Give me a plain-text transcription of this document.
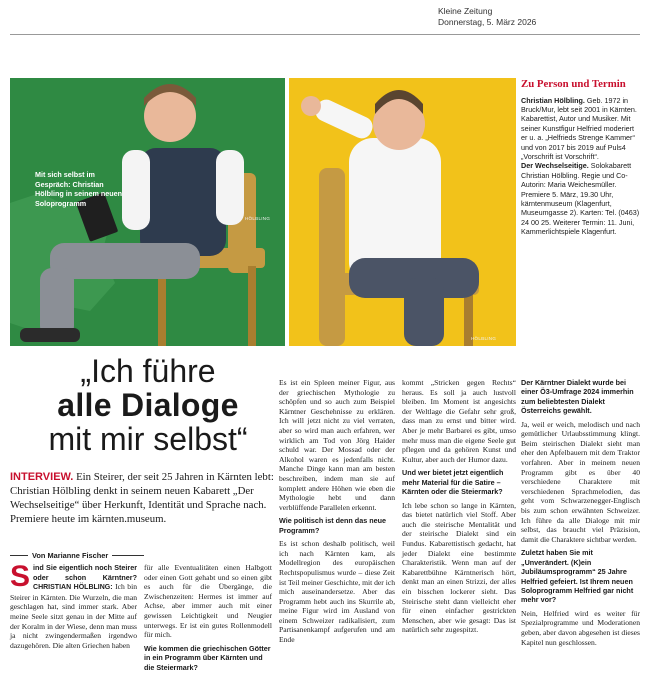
Kleine Zeitung
Donnerstag, 5. März 2026
Mit sich selbst im Gespräch: Christian Hölbling in seinem neuen Soloprogramm
HÖLBLING
HÖLBLING
Zu Person und Termin
Christian Hölbling. Geb. 1972 in Bruck/Mur, lebt seit 2001 in Kärnten. Kabarettist, Autor und Musiker. Mit seiner Kunstfigur Helfried moderiert er u. a. „Helfrieds Strenge Kammer“ und von 2017 bis 2019 auf Puls4 „Vorschrift ist Vorschrift“.
Der Wechselseitige. Solokabarett Christian Hölbling. Regie und Co-Autorin: Maria Weichesmüller. Premiere 5. März, 19.30 Uhr, kärntenmuseum (Klagenfurt, Museumgasse 2). Karten: Tel. (0463) 24 00 25. Weiterer Termin: 11. Juni, Kammerlichtspiele Klagenfurt.
„Ich führe
alle Dialoge
mit mir selbst“
INTERVIEW. Ein Steirer, der seit 25 Jahren in Kärnten lebt: Christian Hölbling denkt in seinem neuen Kabarett „Der Wechselseitige“ über Herkunft, Identität und Sprache nach. Premiere heute im kärnten.museum.
Von Marianne Fischer

Sind Sie eigentlich noch Steirer oder schon Kärntner? CHRISTIAN HÖLBLING: Ich bin Steirer in Kärnten. Die Wurzeln, die man geschlagen hat, sind immer stark. Aber meine Seele sitzt genau in der Mitte auf der Koralm in der Wiese, denn man muss ja nicht zwingendermaßen irgendwo dazugehören. Die alten Griechen haben

für alle Eventualitäten einen Halbgott oder einen Gott gehabt und so einen gibt es auch für die Übergänge, die Zwischenzeiten: Hermes ist immer auf Achse, aber immer auch mit einer gewissen Leichtigkeit und Neugier unterwegs. Er ist ein gutes Rollenmodell für mich.

Wie kommen die griechischen Götter in ein Programm über Kärnten und die Steiermark?

Es ist ein Spleen meiner Figur, aus der griechischen Mythologie zu schöpfen und so auch zum Beispiel Kärntner Geschehnisse zu erklären. Ich will jetzt nicht zu viel verraten, aber so wird man auch erfahren, wer wirklich am Tod von Jörg Haider schuld war. Der Mossad oder der Alkohol waren es jedenfalls nicht. Manche Dinge kann man am besten beschreiben, indem man sie auf komplett andere Höhen wie eben die Mythologie hebt und dann verblüffende Parallelen erkennt.

Wie politisch ist denn das neue Programm?

Es ist schon deshalb politisch, weil ich nach Kärnten kam, als Modellregion des europäischen Rechtspopulismus wurde – diese Zeit ist Teil meiner Geschichte, mit der ich mich auseinandersetze. Aber das Programm hebt auch ins Skurrile ab, meine Figur wird im Ausland von einem Schweizer radikalisiert, zum Partisanenkampf aufgerufen und am Ende

kommt „Stricken gegen Rechts“ heraus. Es soll ja auch lustvoll bleiben. Im Moment ist angesichts der Weltlage die Gefahr sehr groß, dass man zu ernst und bitter wird. Aber je mehr Barbarei es gibt, umso mehr muss man die eigene Seele gut pflegen und da gehören Kunst und Kultur, aber auch der Humor dazu.

Und wer bietet jetzt eigentlich mehr Material für die Satire – Kärnten oder die Steiermark?

Ich lebe schon so lange in Kärnten, das bietet natürlich viel Stoff. Aber auch die steirische Mentalität und der steirische Dialekt sind ein Fundus. Kabarettistisch gedacht, hat jeder Dialekt eine bestimmte Charakteristik. Wenn man auf der Kabarettbühne Kärntnerisch hört, denkt man an einen Strizzi, der alles ein bisschen lockerer sieht. Das Steirische steht dann vielleicht eher für einen einfacher gestrickten Menschen, aber wie gesagt: Das ist natürlich sehr zugespitzt.

Der Kärntner Dialekt wurde bei einer Ö3-Umfrage 2024 immerhin zum beliebtesten Dialekt Österreichs gewählt.

Ja, weil er weich, melodisch und nach gemütlicher Urlaubsstimmung klingt. Beim steirischen Dialekt sieht man eher den Apfelbauern mit dem Traktor vorfahren. Aber in meinem neuen Programm gibt es über 40 verschiedene Charaktere mit verschiedenen Sprachmelodien, das geht vom Schwarzenegger-Englisch bis zum schon erwähnten Schweizer. Ich führe da alle Dialoge mit mir selbst, das braucht viel Präzision, damit die Charaktere sichtbar werden.

Zuletzt haben Sie mit „Unverändert. (K)ein Jubiläumsprogramm“ 25 Jahre Helfried gefeiert. Ist Ihrem neuen Soloprogramm Helfried gar nicht mehr vor?

Nein, Helfried wird es weiter für Spezialprogramme und Moderationen geben, aber davon abgesehen ist dieses Kapitel nun geschlossen.
